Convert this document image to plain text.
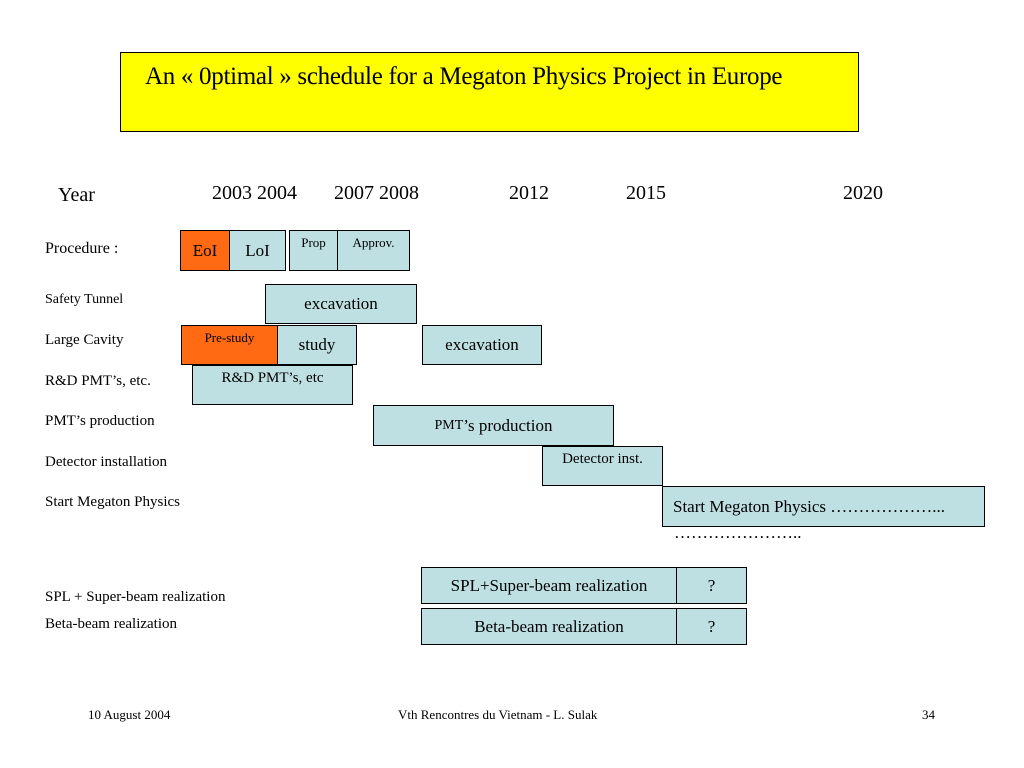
An « 0ptimal » schedule for a Megaton Physics Project in Europe
Year	2003 2004 2007 2008	2012	2015	2020
Procedure :
Safety Tunnel
Large Cavity
R&D PMT’s, etc.
PMT’s production
Detector installation
Start Megaton Physics
SPL + Super-beam realization
Beta-beam realization
EoI	LoI	Prop	Approv.
excavation
Pre-study	study	excavation
R&D PMT’s, etc
PMT ’s production
Detector inst.
Start Megaton Physics ………………...
…………………..
SPL+Super-beam realization	?
Beta-beam realization	?
10 August 2004	Vth Rencontres du Vietnam - L. Sulak	34
